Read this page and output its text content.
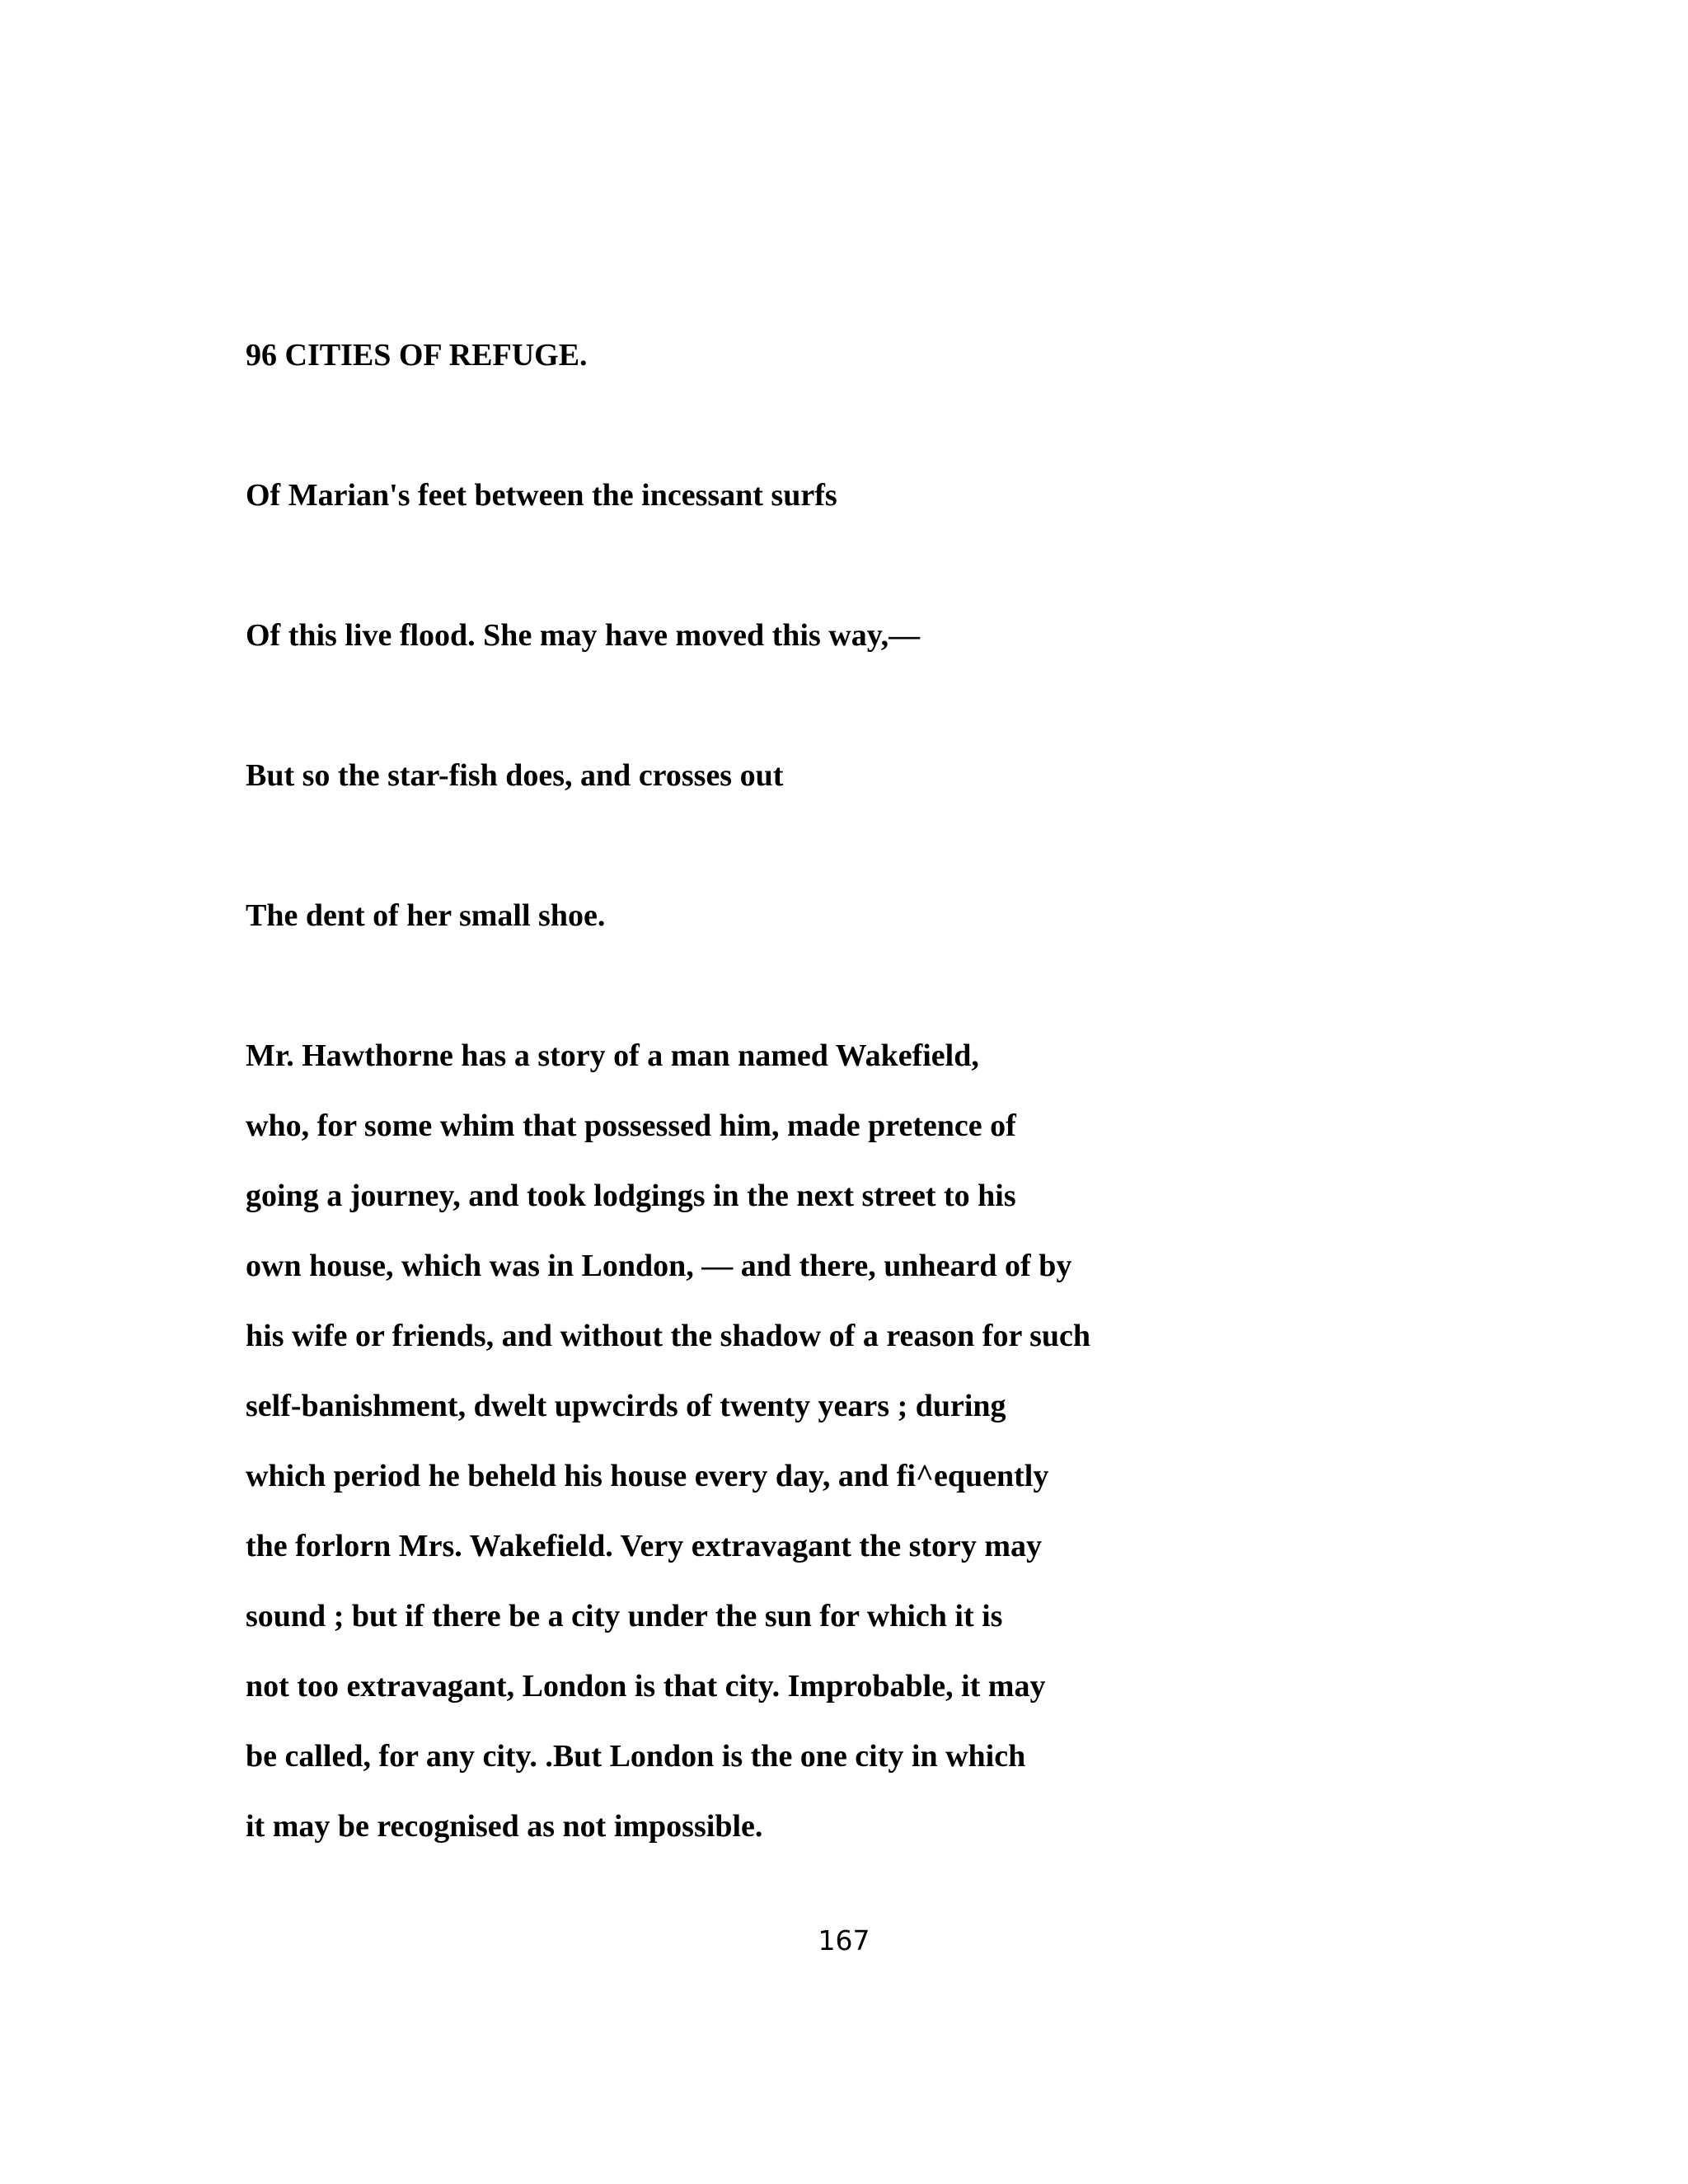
96 CITIES OF REFUGE.

Of Marian's feet between the incessant surfs

Of this live flood. She may have moved this way,—

But so the star-fish does, and crosses out

The dent of her small shoe.

Mr. Hawthorne has a story of a man named Wakefield,

who, for some whim that possessed him, made pretence of

going a journey, and took lodgings in the next street to his

own house, which was in London, — and there, unheard of by

his wife or friends, and without the shadow of a reason for such

self-banishment, dwelt upwcirds of twenty years ; during

which period he beheld his house every day, and fi^equently

the forlorn Mrs. Wakefield. Very extravagant the story may

sound ; but if there be a city under the sun for which it is

not too extravagant, London is that city. Improbable, it may

be called, for any city. .But London is the one city in which

it may be recognised as not impossible.

167
